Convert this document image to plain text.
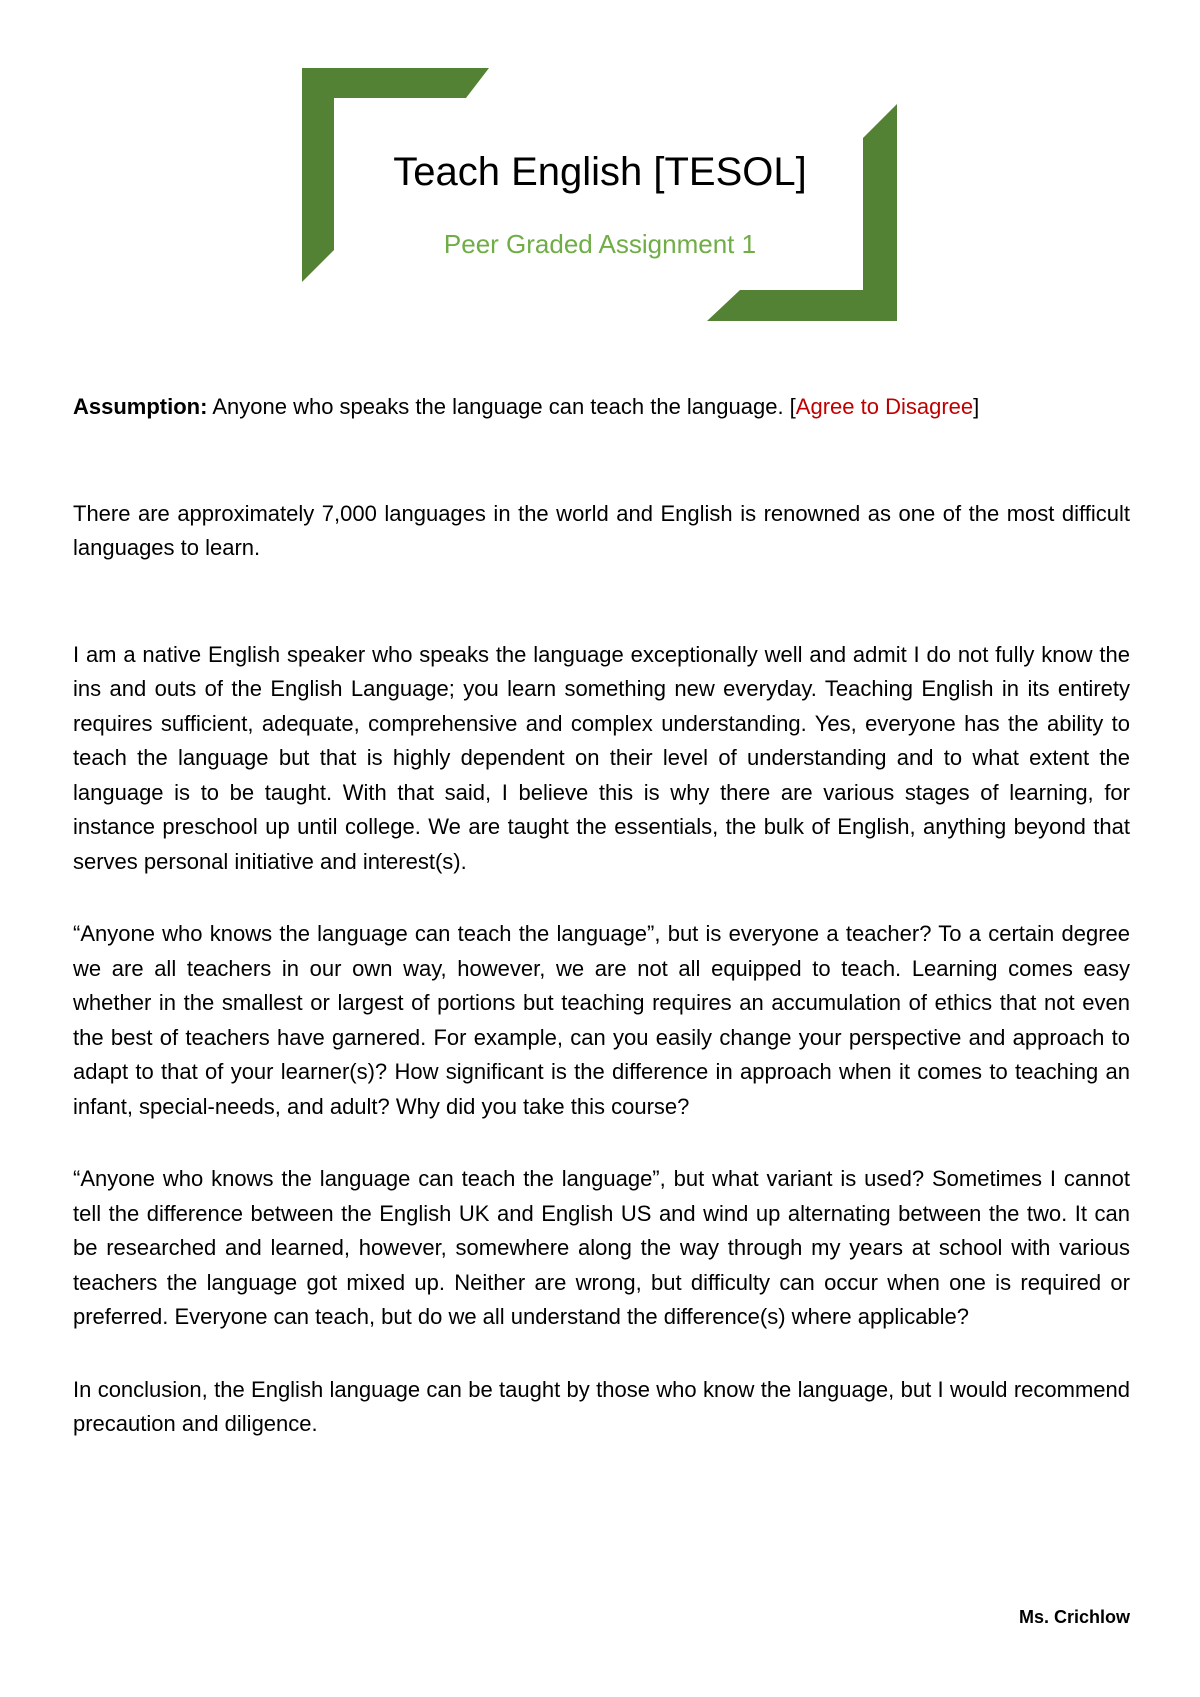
Teach English [TESOL]
Peer Graded Assignment 1

Assumption: Anyone who speaks the language can teach the language. [Agree to Disagree]

There are approximately 7,000 languages in the world and English is renowned as one of the most difficult languages to learn.

I am a native English speaker who speaks the language exceptionally well and admit I do not fully know the ins and outs of the English Language; you learn something new everyday. Teaching English in its entirety requires sufficient, adequate, comprehensive and complex understanding. Yes, everyone has the ability to teach the language but that is highly dependent on their level of understanding and to what extent the language is to be taught. With that said, I believe this is why there are various stages of learning, for instance preschool up until college. We are taught the essentials, the bulk of English, anything beyond that serves personal initiative and interest(s).

“Anyone who knows the language can teach the language”, but is everyone a teacher? To a certain degree we are all teachers in our own way, however, we are not all equipped to teach. Learning comes easy whether in the smallest or largest of portions but teaching requires an accumulation of ethics that not even the best of teachers have garnered. For example, can you easily change your perspective and approach to adapt to that of your learner(s)? How significant is the difference in approach when it comes to teaching an infant, special-needs, and adult? Why did you take this course?

“Anyone who knows the language can teach the language”, but what variant is used? Sometimes I cannot tell the difference between the English UK and English US and wind up alternating between the two. It can be researched and learned, however, somewhere along the way through my years at school with various teachers the language got mixed up. Neither are wrong, but difficulty can occur when one is required or preferred. Everyone can teach, but do we all understand the difference(s) where applicable?

In conclusion, the English language can be taught by those who know the language, but I would recommend precaution and diligence.

Ms. Crichlow
